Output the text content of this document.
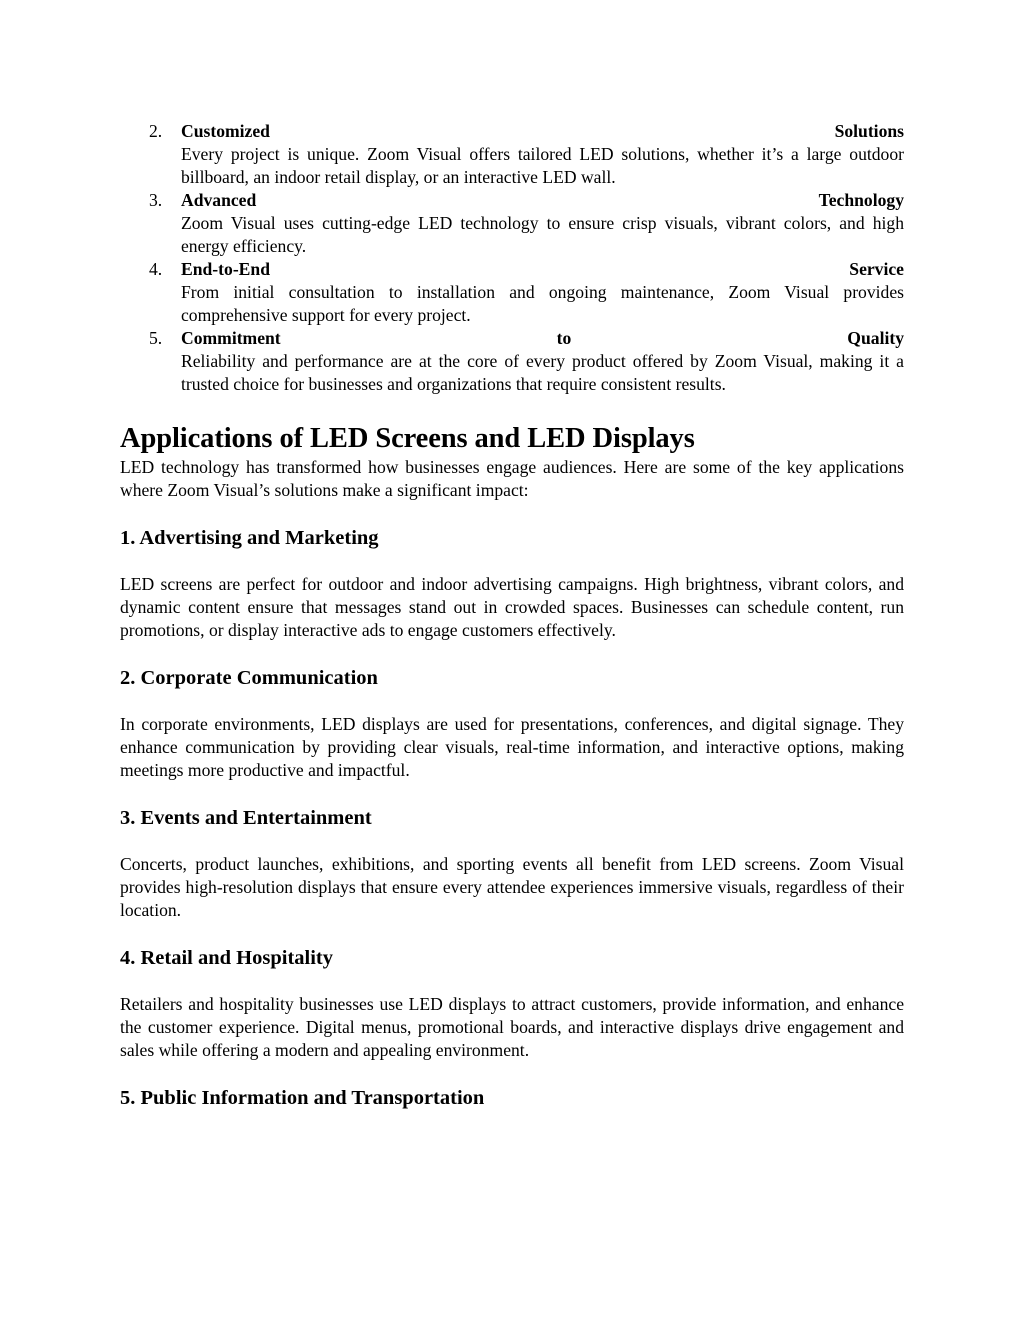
2. Customized	Solutions
Every project is unique. Zoom Visual offers tailored LED solutions, whether it’s a large outdoor billboard, an indoor retail display, or an interactive LED wall.
3. Advanced	Technology
Zoom Visual uses cutting-edge LED technology to ensure crisp visuals, vibrant colors, and high energy efficiency.
4. End-to-End	Service
From initial consultation to installation and ongoing maintenance, Zoom Visual provides comprehensive support for every project.
5. Commitment	to	Quality
Reliability and performance are at the core of every product offered by Zoom Visual, making it a trusted choice for businesses and organizations that require consistent results.
Applications of LED Screens and LED Displays

LED technology has transformed how businesses engage audiences. Here are some of the key applications where Zoom Visual’s solutions make a significant impact:

1. Advertising and Marketing

LED screens are perfect for outdoor and indoor advertising campaigns. High brightness, vibrant colors, and dynamic content ensure that messages stand out in crowded spaces. Businesses can schedule content, run promotions, or display interactive ads to engage customers effectively.

2. Corporate Communication

In corporate environments, LED displays are used for presentations, conferences, and digital signage. They enhance communication by providing clear visuals, real-time information, and interactive options, making meetings more productive and impactful.

3. Events and Entertainment

Concerts, product launches, exhibitions, and sporting events all benefit from LED screens. Zoom Visual provides high-resolution displays that ensure every attendee experiences immersive visuals, regardless of their location.

4. Retail and Hospitality

Retailers and hospitality businesses use LED displays to attract customers, provide information, and enhance the customer experience. Digital menus, promotional boards, and interactive displays drive engagement and sales while offering a modern and appealing environment.

5. Public Information and Transportation
